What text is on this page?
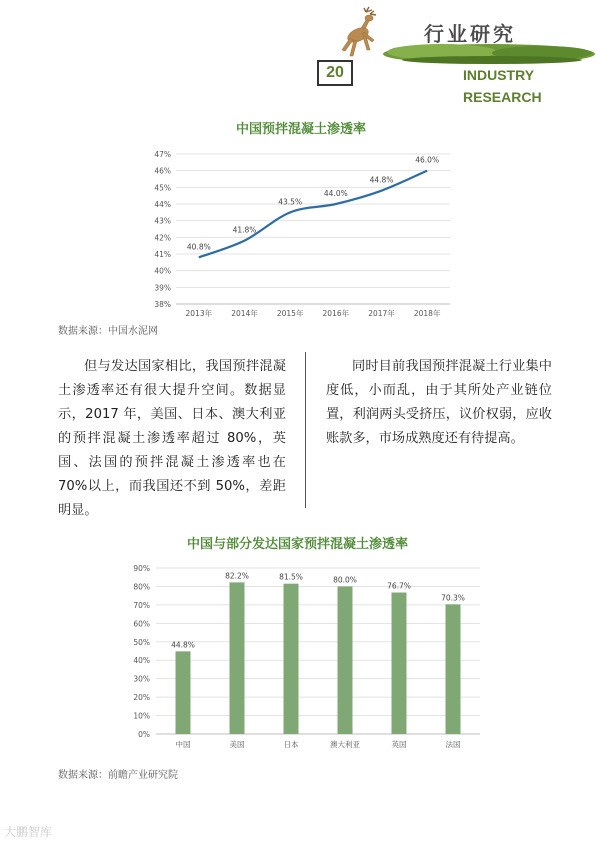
行业研究
INDUSTRY RESEARCH
20
中国预拌混凝土渗透率
38%
39%
40%
41%
42%
43%
44%
45%
46%
47%
2013年	2014年	2015年	2016年	2017年	2018年
40.8%
41.8%
43.5%
44.0%
44.8%
46.0%
数据来源：中国水泥网
但与发达国家相比，我国预拌混凝土渗透率还有很大提升空间。数据显示，2017 年，美国、日本、澳大利亚的预拌混凝土渗透率超过 80%，英国、法国的预拌混凝土渗透率也在 70%以上，而我国还不到 50%，差距明显。
同时目前我国预拌混凝土行业集中度低，小而乱，由于其所处产业链位置，利润两头受挤压，议价权弱，应收账款多，市场成熟度还有待提高。
中国与部分发达国家预拌混凝土渗透率
0%
10%
20%
30%
40%
50%
60%
70%
80%
90%
44.8%
82.2%	81.5%	80.0%
76.7%
70.3%
中国	美国	日本	澳大利亚	英国	法国
数据来源：前瞻产业研究院
大鹏智库
